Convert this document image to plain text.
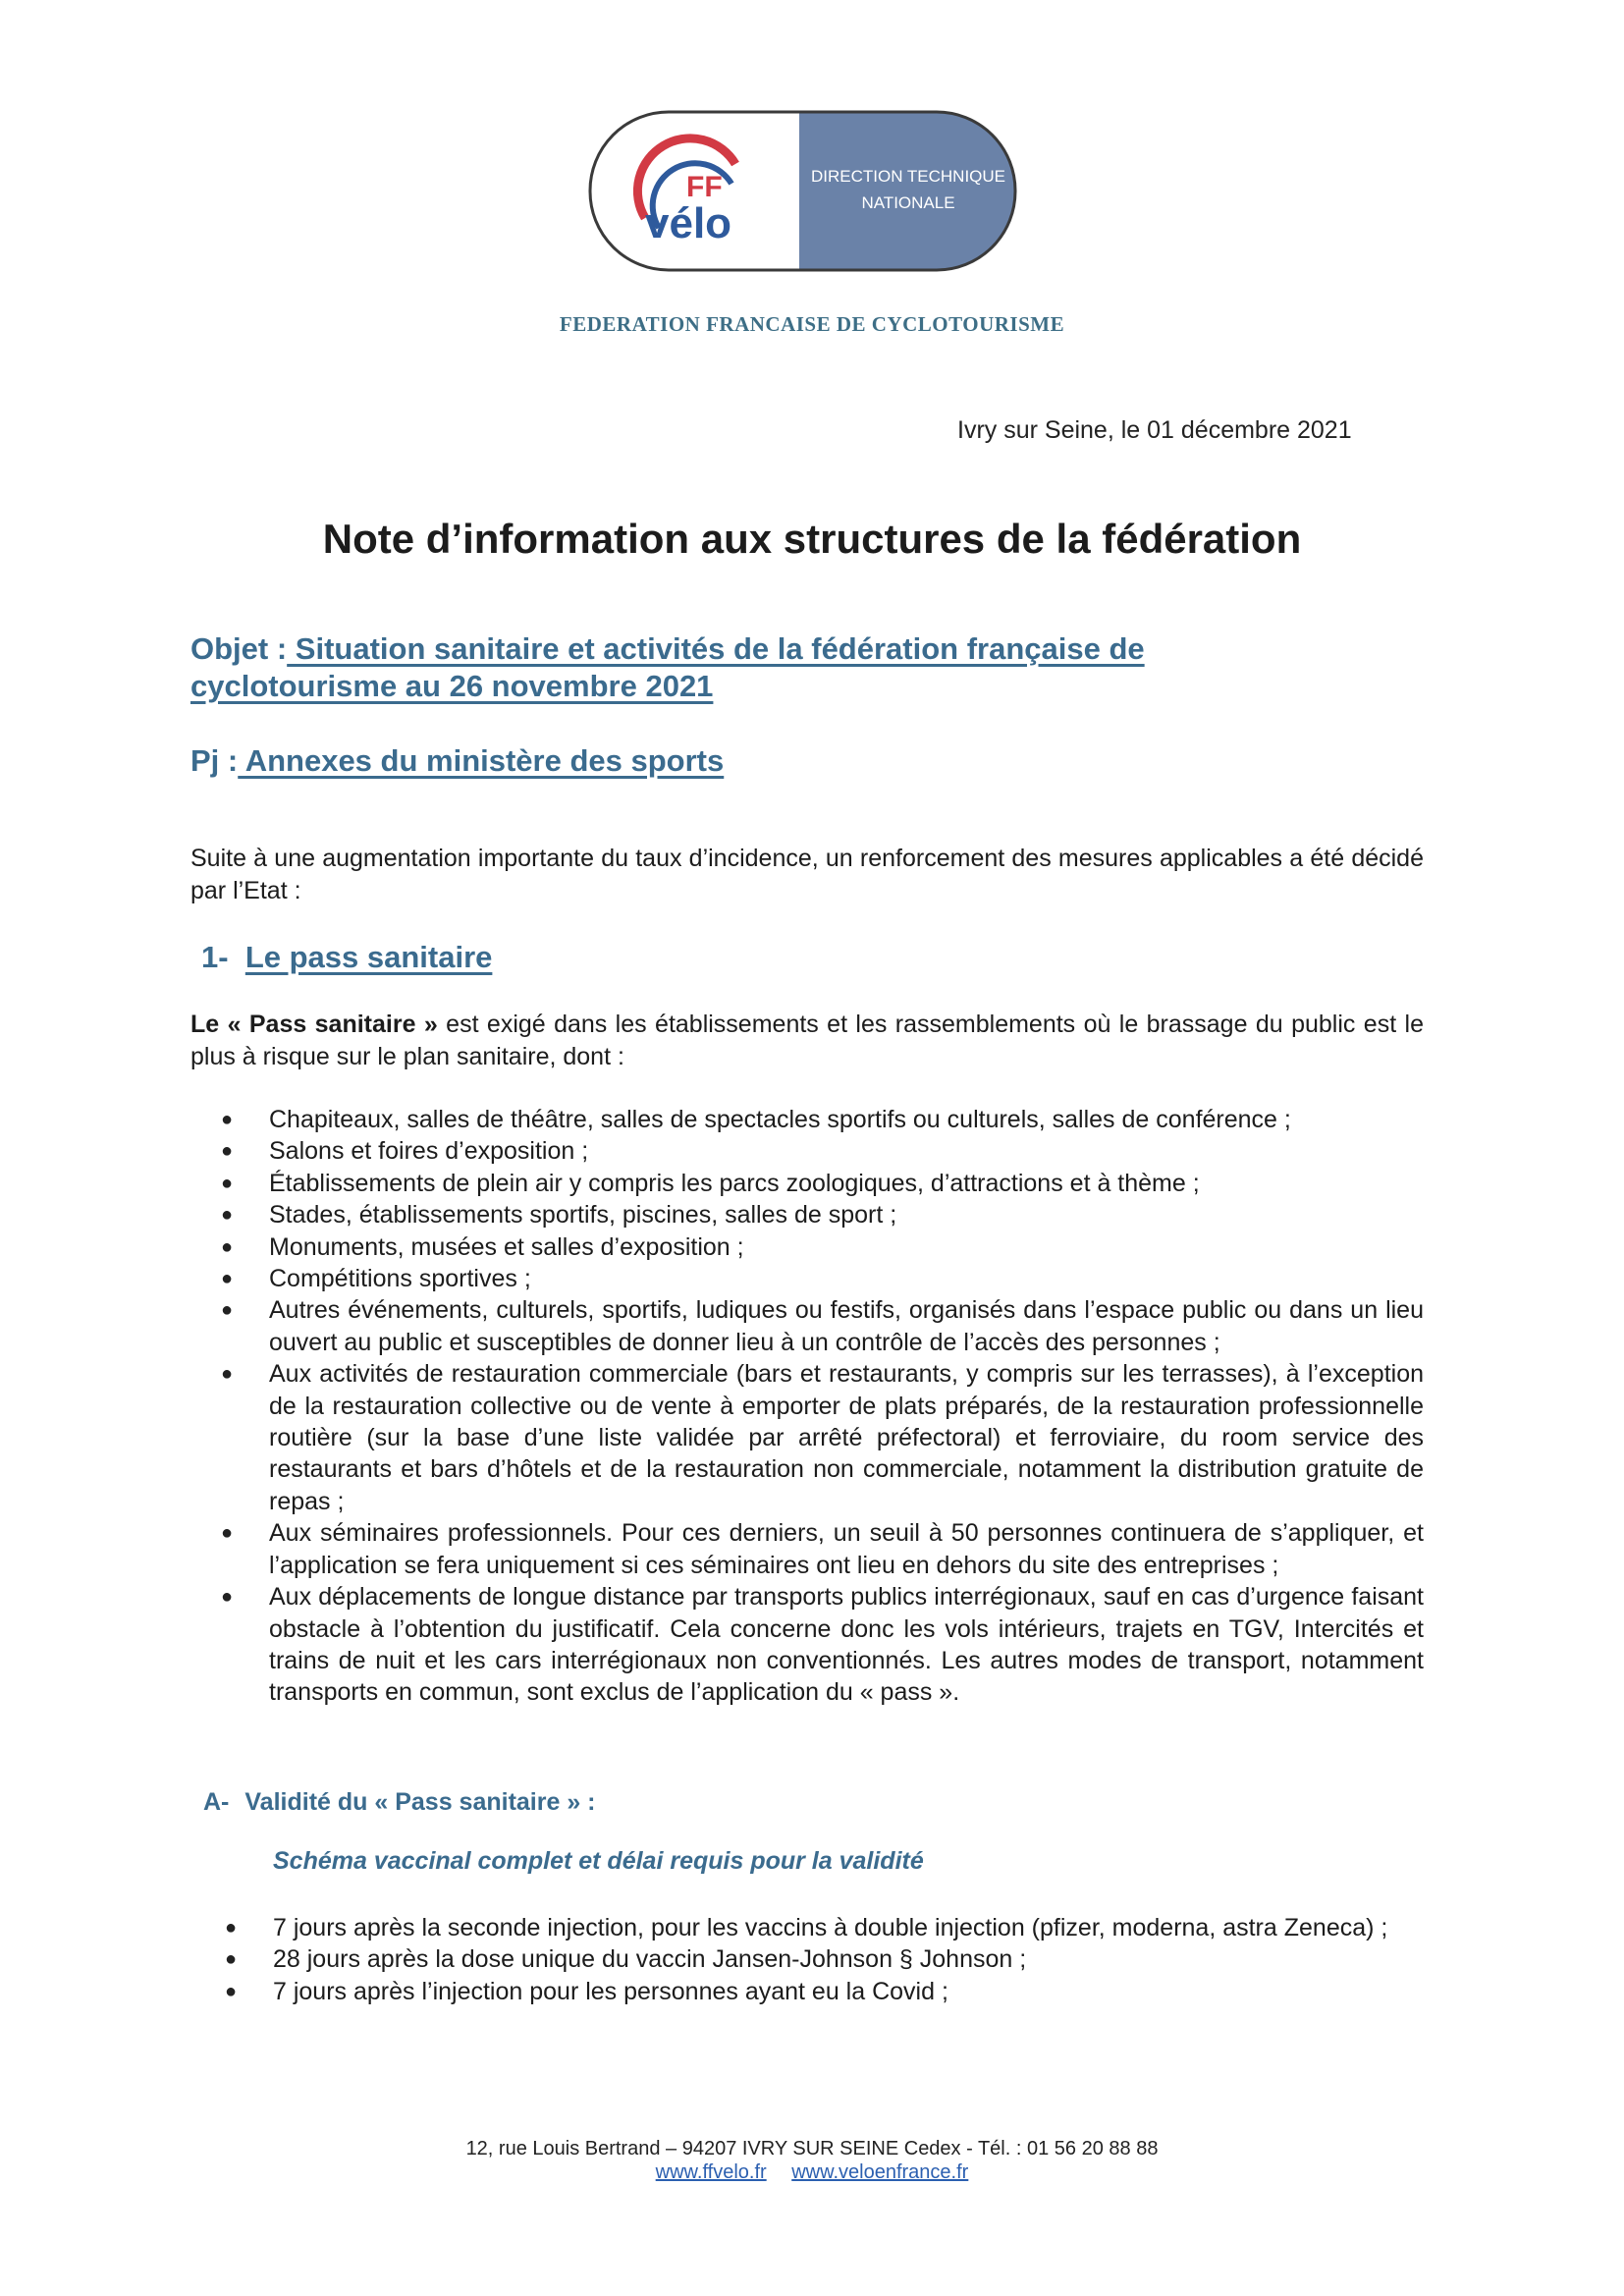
FF
vélo
DIRECTION TECHNIQUE
NATIONALE
FEDERATION FRANCAISE DE CYCLOTOURISME
Ivry sur Seine, le 01 décembre 2021
Note d’information aux structures de la fédération
Objet : Situation sanitaire et activités de la fédération française de cyclotourisme au 26 novembre 2021
Pj : Annexes du ministère des sports
Suite à une augmentation importante du taux d’incidence, un renforcement des mesures applicables a été décidé par l’Etat :
1- Le pass sanitaire
Le « Pass sanitaire » est exigé dans les établissements et les rassemblements où le brassage du public est le plus à risque sur le plan sanitaire, dont :
● Chapiteaux, salles de théâtre, salles de spectacles sportifs ou culturels, salles de conférence ;
● Salons et foires d’exposition ;
● Établissements de plein air y compris les parcs zoologiques, d’attractions et à thème ;
● Stades, établissements sportifs, piscines, salles de sport ;
● Monuments, musées et salles d’exposition ;
● Compétitions sportives ;
● Autres événements, culturels, sportifs, ludiques ou festifs, organisés dans l’espace public ou dans un lieu ouvert au public et susceptibles de donner lieu à un contrôle de l’accès des personnes ;
● Aux activités de restauration commerciale (bars et restaurants, y compris sur les terrasses), à l’exception de la restauration collective ou de vente à emporter de plats préparés, de la restauration professionnelle routière (sur la base d’une liste validée par arrêté préfectoral) et ferroviaire, du room service des restaurants et bars d’hôtels et de la restauration non commerciale, notamment la distribution gratuite de repas ;
● Aux séminaires professionnels. Pour ces derniers, un seuil à 50 personnes continuera de s’appliquer, et l’application se fera uniquement si ces séminaires ont lieu en dehors du site des entreprises ;
● Aux déplacements de longue distance par transports publics interrégionaux, sauf en cas d’urgence faisant obstacle à l’obtention du justificatif. Cela concerne donc les vols intérieurs, trajets en TGV, Intercités et trains de nuit et les cars interrégionaux non conventionnés. Les autres modes de transport, notamment transports en commun, sont exclus de l’application du « pass ».
A- Validité du « Pass sanitaire » :
Schéma vaccinal complet et délai requis pour la validité
● 7 jours après la seconde injection, pour les vaccins à double injection (pfizer, moderna, astra Zeneca) ;
● 28 jours après la dose unique du vaccin Jansen-Johnson § Johnson ;
● 7 jours après l’injection pour les personnes ayant eu la Covid ;
12, rue Louis Bertrand – 94207 IVRY SUR SEINE Cedex - Tél. : 01 56 20 88 88
www.ffvelo.fr www.veloenfrance.fr
